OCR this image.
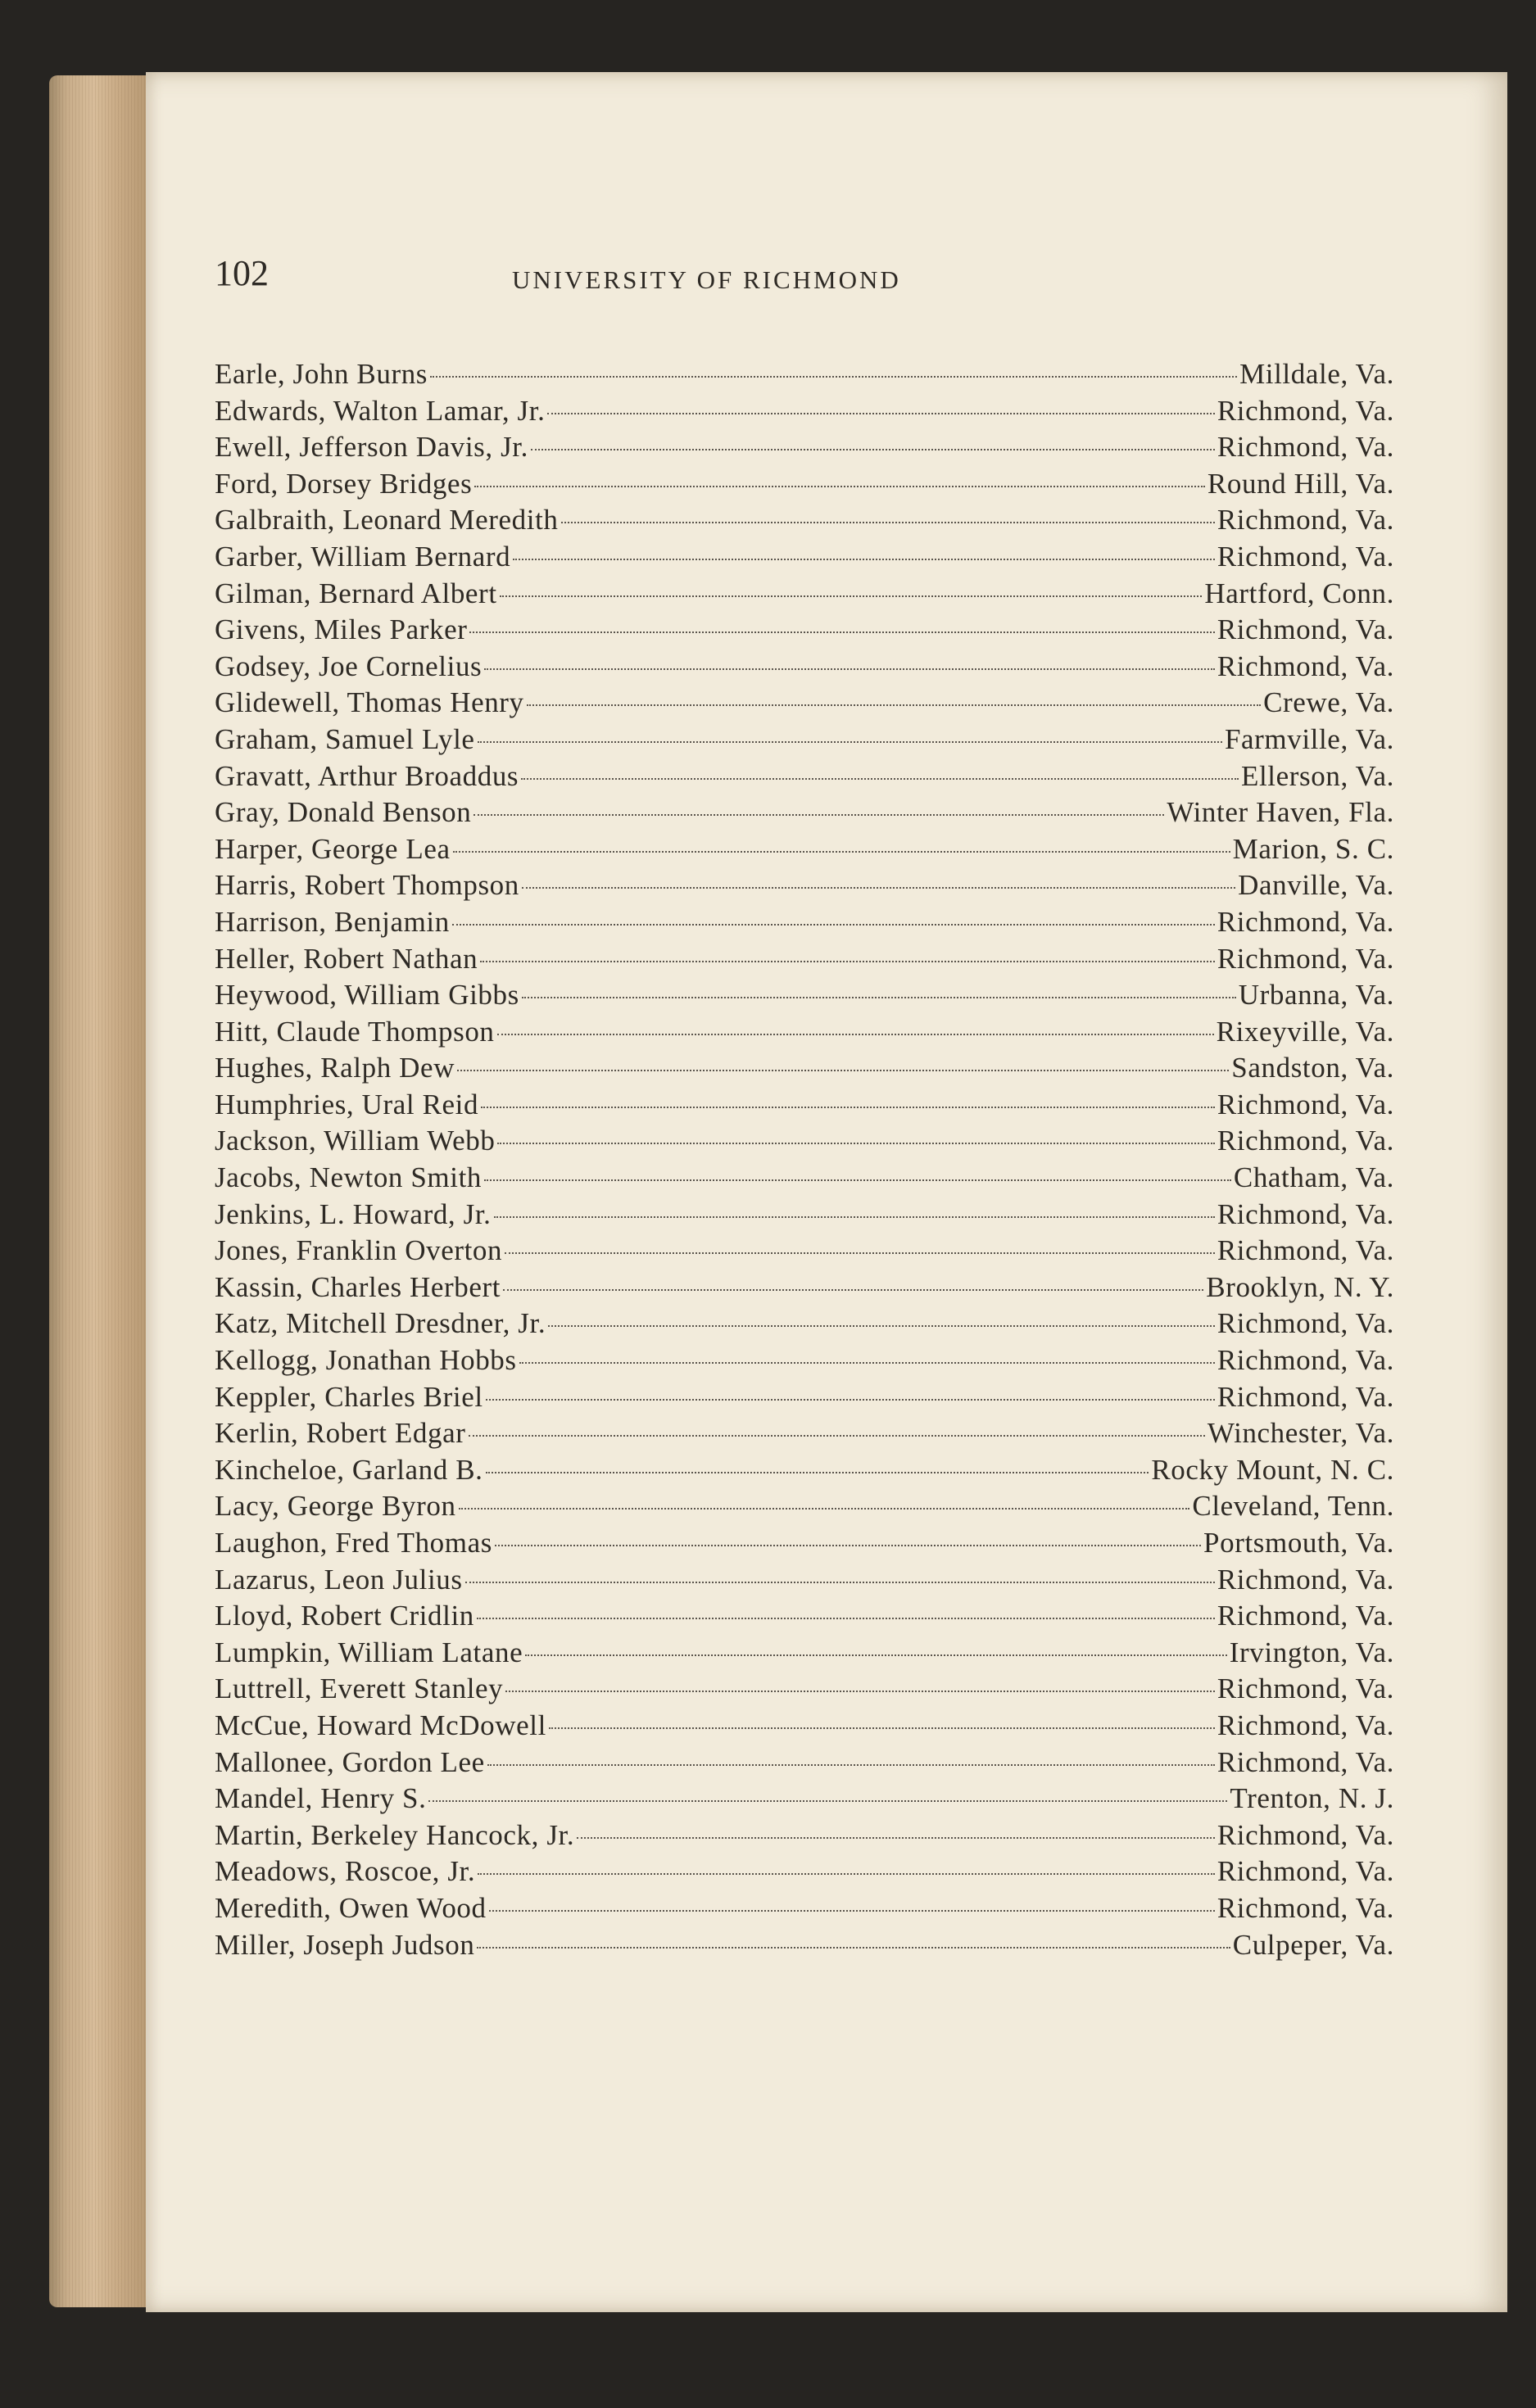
102	UNIVERSITY OF RICHMOND
Earle, John Burns	Milldale, Va.
Edwards, Walton Lamar, Jr.	Richmond, Va.
Ewell, Jefferson Davis, Jr.	Richmond, Va.
Ford, Dorsey Bridges	Round Hill, Va.
Galbraith, Leonard Meredith	Richmond, Va.
Garber, William Bernard	Richmond, Va.
Gilman, Bernard Albert	Hartford, Conn.
Givens, Miles Parker	Richmond, Va.
Godsey, Joe Cornelius	Richmond, Va.
Glidewell, Thomas Henry	Crewe, Va.
Graham, Samuel Lyle	Farmville, Va.
Gravatt, Arthur Broaddus	Ellerson, Va.
Gray, Donald Benson	Winter Haven, Fla.
Harper, George Lea	Marion, S. C.
Harris, Robert Thompson	Danville, Va.
Harrison, Benjamin	Richmond, Va.
Heller, Robert Nathan	Richmond, Va.
Heywood, William Gibbs	Urbanna, Va.
Hitt, Claude Thompson	Rixeyville, Va.
Hughes, Ralph Dew	Sandston, Va.
Humphries, Ural Reid	Richmond, Va.
Jackson, William Webb	Richmond, Va.
Jacobs, Newton Smith	Chatham, Va.
Jenkins, L. Howard, Jr.	Richmond, Va.
Jones, Franklin Overton	Richmond, Va.
Kassin, Charles Herbert	Brooklyn, N. Y.
Katz, Mitchell Dresdner, Jr.	Richmond, Va.
Kellogg, Jonathan Hobbs	Richmond, Va.
Keppler, Charles Briel	Richmond, Va.
Kerlin, Robert Edgar	Winchester, Va.
Kincheloe, Garland B.	Rocky Mount, N. C.
Lacy, George Byron	Cleveland, Tenn.
Laughon, Fred Thomas	Portsmouth, Va.
Lazarus, Leon Julius	Richmond, Va.
Lloyd, Robert Cridlin	Richmond, Va.
Lumpkin, William Latane	Irvington, Va.
Luttrell, Everett Stanley	Richmond, Va.
McCue, Howard McDowell	Richmond, Va.
Mallonee, Gordon Lee	Richmond, Va.
Mandel, Henry S.	Trenton, N. J.
Martin, Berkeley Hancock, Jr.	Richmond, Va.
Meadows, Roscoe, Jr.	Richmond, Va.
Meredith, Owen Wood	Richmond, Va.
Miller, Joseph Judson	Culpeper, Va.
